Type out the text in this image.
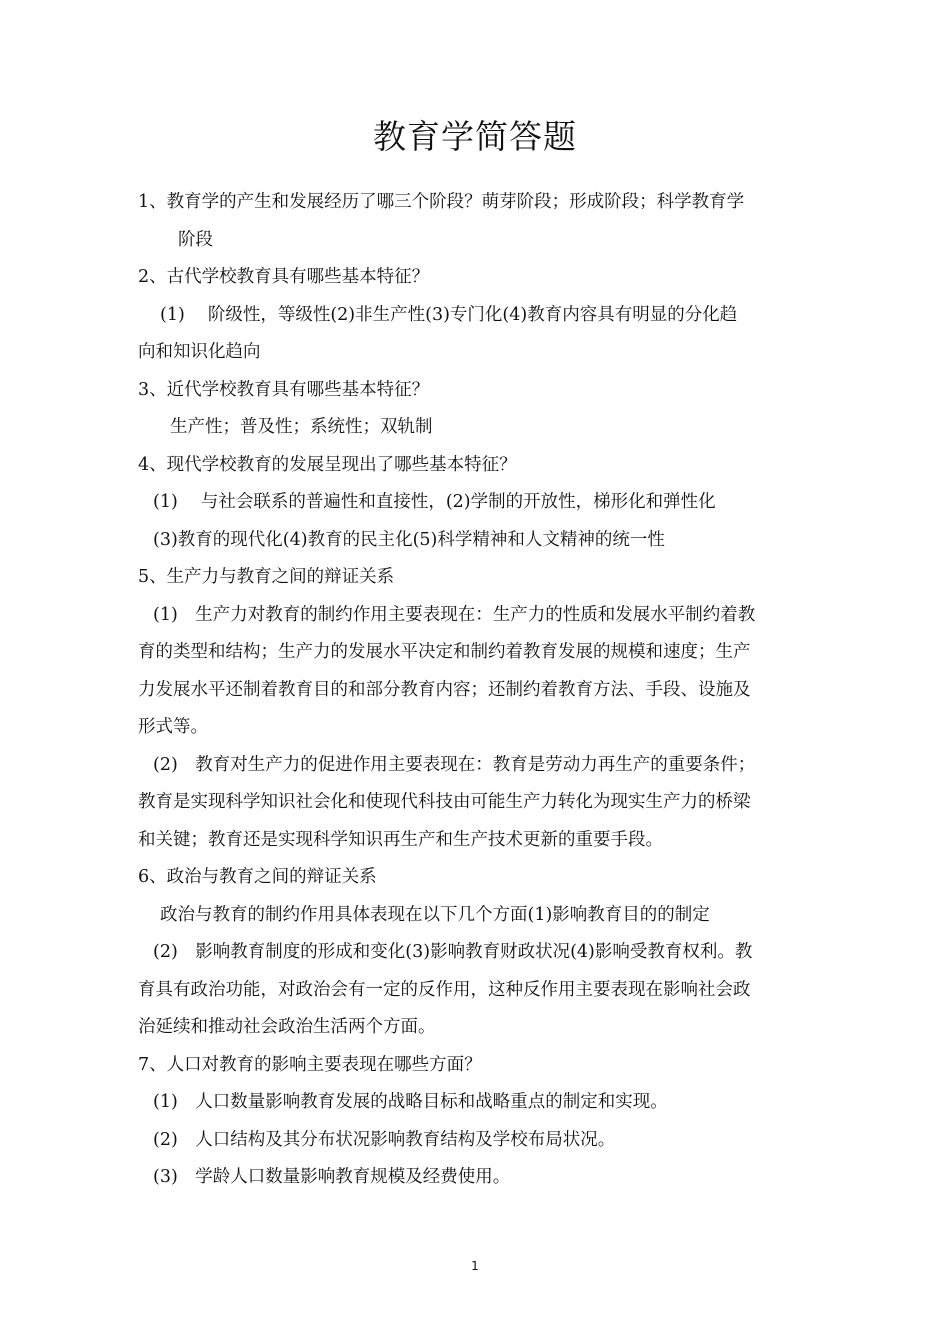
教育学简答题
1、教育学的产生和发展经历了哪三个阶段？萌芽阶段；形成阶段；科学教育学
阶段
2、古代学校教育具有哪些基本特征？
(1)　 阶级性，等级性(2)非生产性(3)专门化(4)教育内容具有明显的分化趋
向和知识化趋向
3、近代学校教育具有哪些基本特征？
生产性；普及性；系统性；双轨制
4、现代学校教育的发展呈现出了哪些基本特征？
(1)　 与社会联系的普遍性和直接性，(2)学制的开放性，梯形化和弹性化
(3)教育的现代化(4)教育的民主化(5)科学精神和人文精神的统一性
5、生产力与教育之间的辩证关系
(1)　生产力对教育的制约作用主要表现在：生产力的性质和发展水平制约着教
育的类型和结构；生产力的发展水平决定和制约着教育发展的规模和速度；生产
力发展水平还制着教育目的和部分教育内容；还制约着教育方法、手段、设施及
形式等。
(2)　教育对生产力的促进作用主要表现在：教育是劳动力再生产的重要条件；
教育是实现科学知识社会化和使现代科技由可能生产力转化为现实生产力的桥梁
和关键；教育还是实现科学知识再生产和生产技术更新的重要手段。
6、政治与教育之间的辩证关系
政治与教育的制约作用具体表现在以下几个方面(1)影响教育目的的制定
(2)　影响教育制度的形成和变化(3)影响教育财政状况(4)影响受教育权利。教
育具有政治功能，对政治会有一定的反作用，这种反作用主要表现在影响社会政
治延续和推动社会政治生活两个方面。
7、人口对教育的影响主要表现在哪些方面？
(1)　人口数量影响教育发展的战略目标和战略重点的制定和实现。
(2)　人口结构及其分布状况影响教育结构及学校布局状况。
(3)　学龄人口数量影响教育规模及经费使用。
1
